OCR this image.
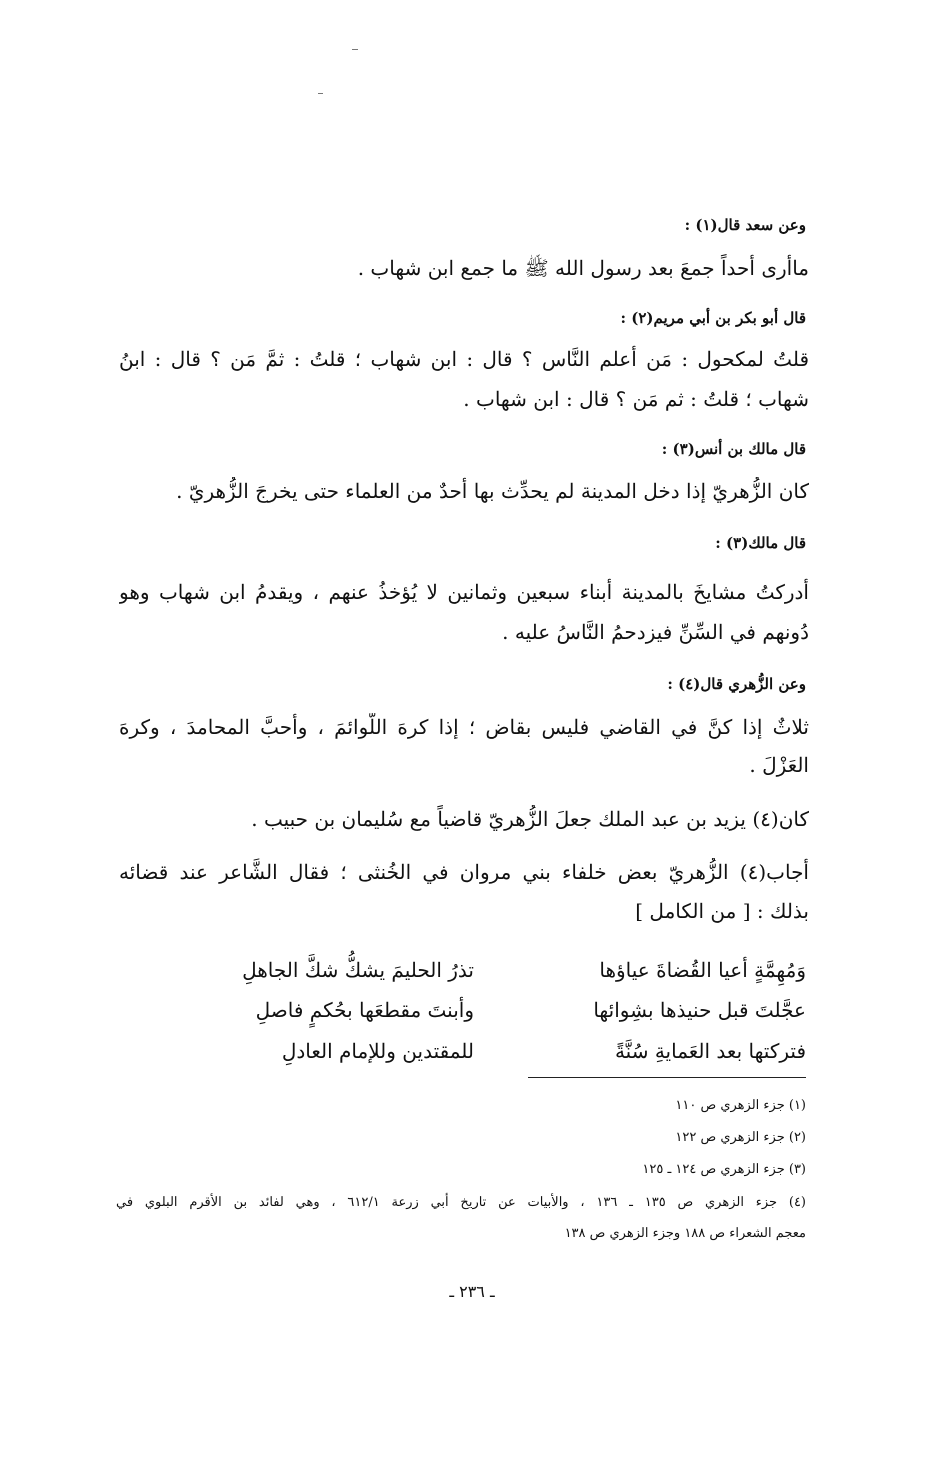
وعن سعد قال(١) :
ماأرى أحداً جمعَ بعد رسول الله ﷺ ما جمع ابن شهاب .
قال أبو بكر بن أبي مريم(٢) :
قلتُ لمكحول : مَن أعلم النَّاس ؟ قال : ابن شهاب ؛ قلتُ : ثمَّ مَن ؟ قال : ابنُ
شهاب ؛ قلتُ : ثم مَن ؟ قال : ابن شهاب .
قال مالك بن أنس(٣) :
كان الزُّهريّ إذا دخل المدينة لم يحدِّث بها أحدٌ من العلماء حتى يخرجَ الزُّهريّ .
قال مالك(٣) :
أدركتُ مشايخَ بالمدينة أبناء سبعين وثمانين لا يُؤخذُ عنهم ، ويقدمُ ابن شهاب وهو
دُونهم في السِّنِّ فيزدحمُ النَّاسُ عليه .
وعن الزُّهري قال(٤) :
ثلاثٌ إذا كنَّ في القاضي فليس بقاضٍ ؛ إذا كرهَ اللَّوائمَ ، وأحبَّ المحامدَ ، وكرهَ
العَزْلَ .
كان(٤) يزيد بن عبد الملك جعلَ الزُّهريّ قاضياً مع سُليمان بن حبيب .
أجاب(٤) الزُّهريّ بعض خلفاء بني مروان في الخُنثى ؛ فقال الشَّاعر عند قضائه
بذلك : [ من الكامل ]
وَمُهِمَّةٍ أعيا القُضاةَ عياؤها
تذرُ الحليمَ يشكُّ شكَّ الجاهلِ
عجَّلتَ قبل حنيذها بشِوائها
وأبنتَ مقطعَها بحُكمٍ فاصلِ
فتركتها بعد العَمايةِ سُنَّةً
للمقتدين وللإمام العادلِ
(١) جزء الزهري ص ١١٠
(٢) جزء الزهري ص ١٢٢
(٣) جزء الزهري ص ١٢٤ ـ ١٢٥
(٤) جزء الزهري ص ١٣٥ ـ ١٣٦ ، والأبيات عن تاريخ أبي زرعة ٦١٢/١ ، وهي لفائد بن الأقرم البلوي في
معجم الشعراء ص ١٨٨ وجزء الزهري ص ١٣٨
ـ ٢٣٦ ـ
